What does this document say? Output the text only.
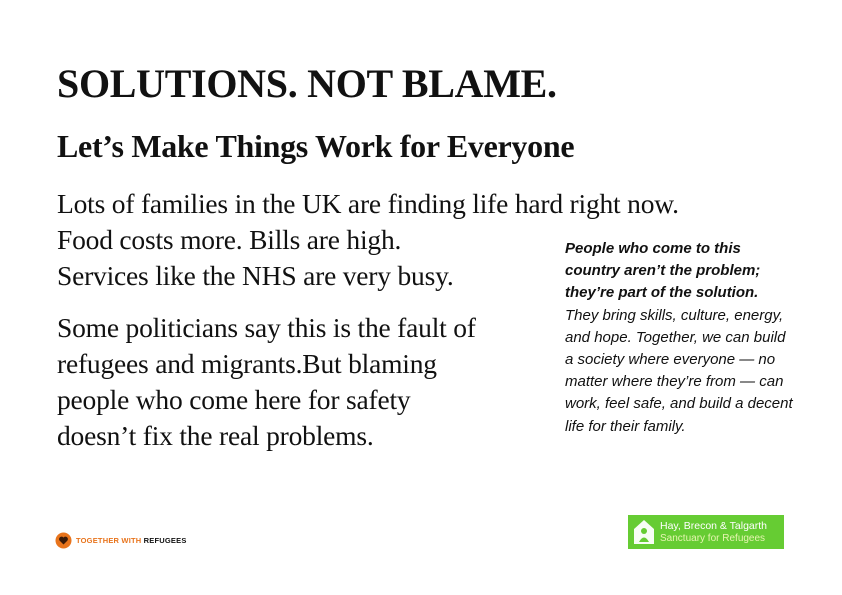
SOLUTIONS. NOT BLAME.
Let’s Make Things Work for Everyone
Lots of families in the UK are finding life hard right now.
Food costs more. Bills are high.
Services like the NHS are very busy.
Some politicians say this is the fault of
refugees and migrants.But blaming
people who come here for safety
doesn’t fix the real problems.
People who come to this country aren’t the problem; they’re part of the solution. They bring skills, culture, energy, and hope. Together, we can build a society where everyone — no matter where they’re from — can work, feel safe, and build a decent life for their family.
TOGETHER WITH REFUGEES
Hay, Brecon & Talgarth
Sanctuary for Refugees
